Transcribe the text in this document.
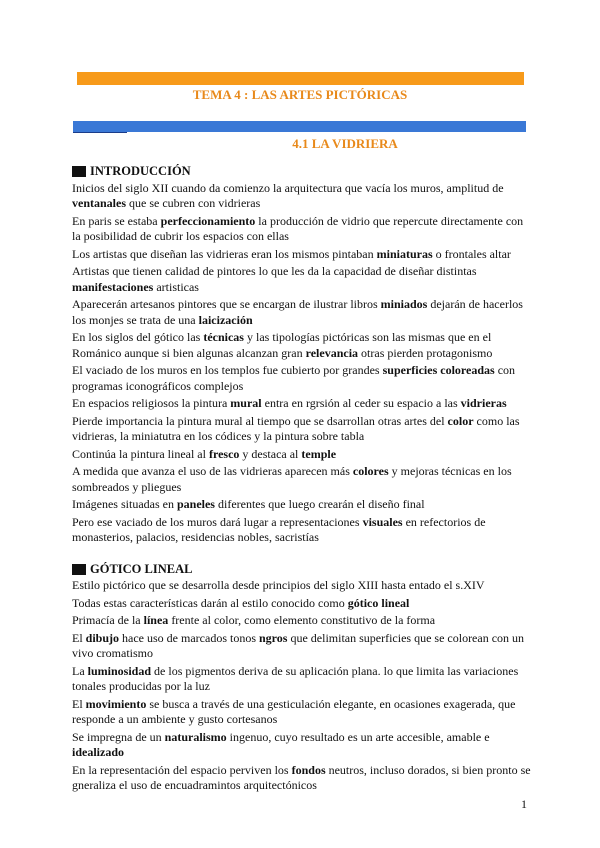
TEMA 4 : LAS ARTES PICTÓRICAS
4.1 LA VIDRIERA
INTRODUCCIÓN

Inicios del siglo XII cuando da comienzo la arquitectura que vacía los muros, amplitud de ventanales que se cubren con vidrieras

En paris se estaba perfeccionamiento la producción de vidrio que repercute directamente con la posibilidad de cubrir los espacios con ellas

Los artistas que diseñan las vidrieras eran los mismos pintaban miniaturas o frontales altar

Artistas que tienen calidad de pintores lo que les da la capacidad de diseñar distintas manifestaciones artisticas

Aparecerán artesanos pintores que se encargan de ilustrar libros miniados dejarán de hacerlos los monjes se trata de una laicización

En los siglos del gótico las técnicas y las tipologías pictóricas son las mismas que en el Románico aunque si bien algunas alcanzan gran relevancia otras pierden protagonismo

El vaciado de los muros en los templos fue cubierto por grandes superficies coloreadas con programas iconográficos complejos

En espacios religiosos la pintura mural entra en rgrsión al ceder su espacio a las vidrieras

Pierde importancia la pintura mural al tiempo que se dsarrollan otras artes del color como las vidrieras, la miniatutra en los códices y la pintura sobre tabla

Continúa la pintura lineal al fresco y destaca al temple

A medida que avanza el uso de las vidrieras aparecen más colores y mejoras técnicas en los sombreados y pliegues

Imágenes situadas en paneles diferentes que luego crearán el diseño final

Pero ese vaciado de los muros dará lugar a representaciones visuales en refectorios de monasterios, palacios, residencias nobles, sacristías

GÓTICO LINEAL

Estilo pictórico que se desarrolla desde principios del siglo XIII hasta entado el s.XIV

Todas estas características darán al estilo conocido como gótico lineal

Primacía de la línea frente al color, como elemento constitutivo de la forma

El dibujo hace uso de marcados tonos ngros que delimitan superficies que se colorean con un vivo cromatismo

La luminosidad de los pigmentos deriva de su aplicación plana. lo que limita las variaciones tonales producidas por la luz

El movimiento se busca a través de una gesticulación elegante, en ocasiones exagerada, que responde a un ambiente y gusto cortesanos

Se impregna de un naturalismo ingenuo, cuyo resultado es un arte accesible, amable e idealizado

En la representación del espacio perviven los fondos neutros, incluso dorados, si bien pronto se gneraliza el uso de encuadramintos arquitectónicos

1
